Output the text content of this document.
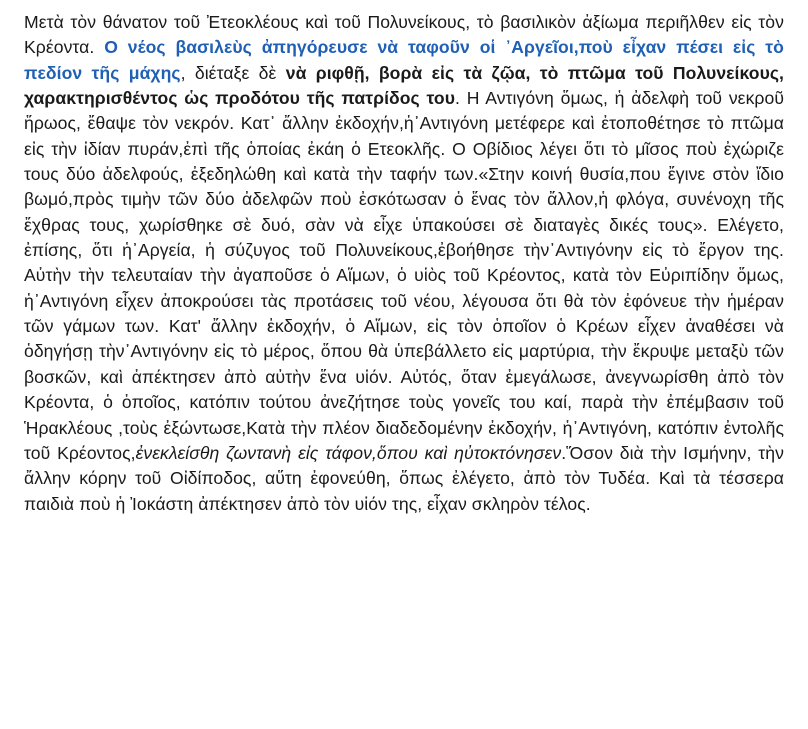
Μετὰ τὸν θάνατον τοῦ Ἐτεοκλέους καὶ τοῦ Πολυνείκους, τὸ βασιλικὸν ἀξίωμα περιῆλθεν εἰς τὸν Κρέοντα. Ο νέος βασιλεὺς ἀπηγόρευσε νὰ ταφοῦν οἱ ᾿Αργεῖοι,ποὺ εἶχαν πέσει εἰς τὸ πεδίον τῆς μάχης, διέταξε δὲ νὰ ριφθῇ, βορὰ εἰς τὰ ζῷα, τὸ πτῶμα τοῦ Πολυνείκους, χαρακτηρισθέντος ὡς προδότου τῆς πατρίδος του. Η Αντιγόνη ὅμως, ἡ ἀδελφὴ τοῦ νεκροῦ ἥρωος, ἔθαψε τὸν νεκρόν. Κατ᾿ ἄλλην ἐκδοχήν,ἡ᾿Αντιγόνη μετέφερε καὶ ἐτοποθέτησε τὸ πτῶμα εἰς τὴν ἰδίαν πυράν,ἐπὶ τῆς ὁποίας ἐκάη ὁ Ετεοκλῆς. Ο Οβίδιος λέγει ὅτι τὸ μῖσος ποὺ ἐχώριζε τους δύο ἀδελφούς, ἐξεδηλώθη καὶ κατὰ τὴν ταφήν των.«Στην κοινή θυσία,που ἔγινε στὸν ἴδιο βωμό,πρὸς τιμὴν τῶν δύο ἀδελφῶν ποὺ ἐσκότωσαν ὁ ἕνας τὸν ἄλλον,ἡ φλόγα, συνένοχη τῆς ἔχθρας τους, χωρίσθηκε σὲ δυό, σὰν νὰ εἶχε ὑπακούσει σὲ διαταγὲς δικές τους». Ελέγετο, ἐπίσης, ὅτι ἡ᾿Αργεία, ἡ σύζυγος τοῦ Πολυνείκους,ἐβοήθησε τὴν᾿Αντιγόνην εἰς τὸ ἔργον της. Αὐτὴν τὴν τελευταίαν τὴν ἀγαποῦσε ὁ Αἵμων, ὁ υἱὸς τοῦ Κρέοντος, κατὰ τὸν Εὐριπίδην ὅμως, ἡ᾿Αντιγόνη εἶχεν ἀποκρούσει τὰς προτάσεις τοῦ νέου, λέγουσα ὅτι θὰ τὸν ἐφόνευε τὴν ἡμέραν τῶν γάμων των. Κατ' ἄλλην ἐκδοχήν, ὁ Αἵμων, εἰς τὸν ὁποῖον ὁ Κρέων εἶχεν ἀναθέσει νὰ ὁδηγήσῃ τὴν᾿Αντιγόνην εἰς τὸ μέρος, ὅπου θὰ ὑπεβάλλετο εἰς μαρτύρια, τὴν ἔκρυψε μεταξὺ τῶν βοσκῶν, καὶ ἀπέκτησεν ἀπὸ αὐτὴν ἕνα υἱόν. Αὐτός, ὅταν ἐμεγάλωσε, ἀνεγνωρίσθη ἀπὸ τὸν Κρέοντα, ὁ ὁποῖος, κατόπιν τούτου ἀνεζήτησε τοὺς γονεῖς του καί, παρὰ τὴν ἐπέμβασιν τοῦ Ἡρακλέους ,τοὺς ἐξώντωσε,Κατὰ τὴν πλέον διαδεδομένην ἐκδοχήν, ἡ᾿Αντιγόνη, κατόπιν ἐντολῆς τοῦ Κρέοντος,ἐνεκλείσθη ζωντανὴ εἰς τάφον,ὅπου καὶ ηὐτοκτόνησεν.Ὅσον διὰ τὴν Ισμήνην, τὴν ἄλλην κόρην τοῦ Οἰδίποδος, αὕτη ἐφονεύθη, ὅπως ἐλέγετο, ἀπὸ τὸν Τυδέα. Καὶ τὰ τέσσερα παιδιὰ ποὺ ἡ Ἰοκάστη ἀπέκτησεν ἀπὸ τὸν υἱόν της, εἶχαν σκληρὸν τέλος.
